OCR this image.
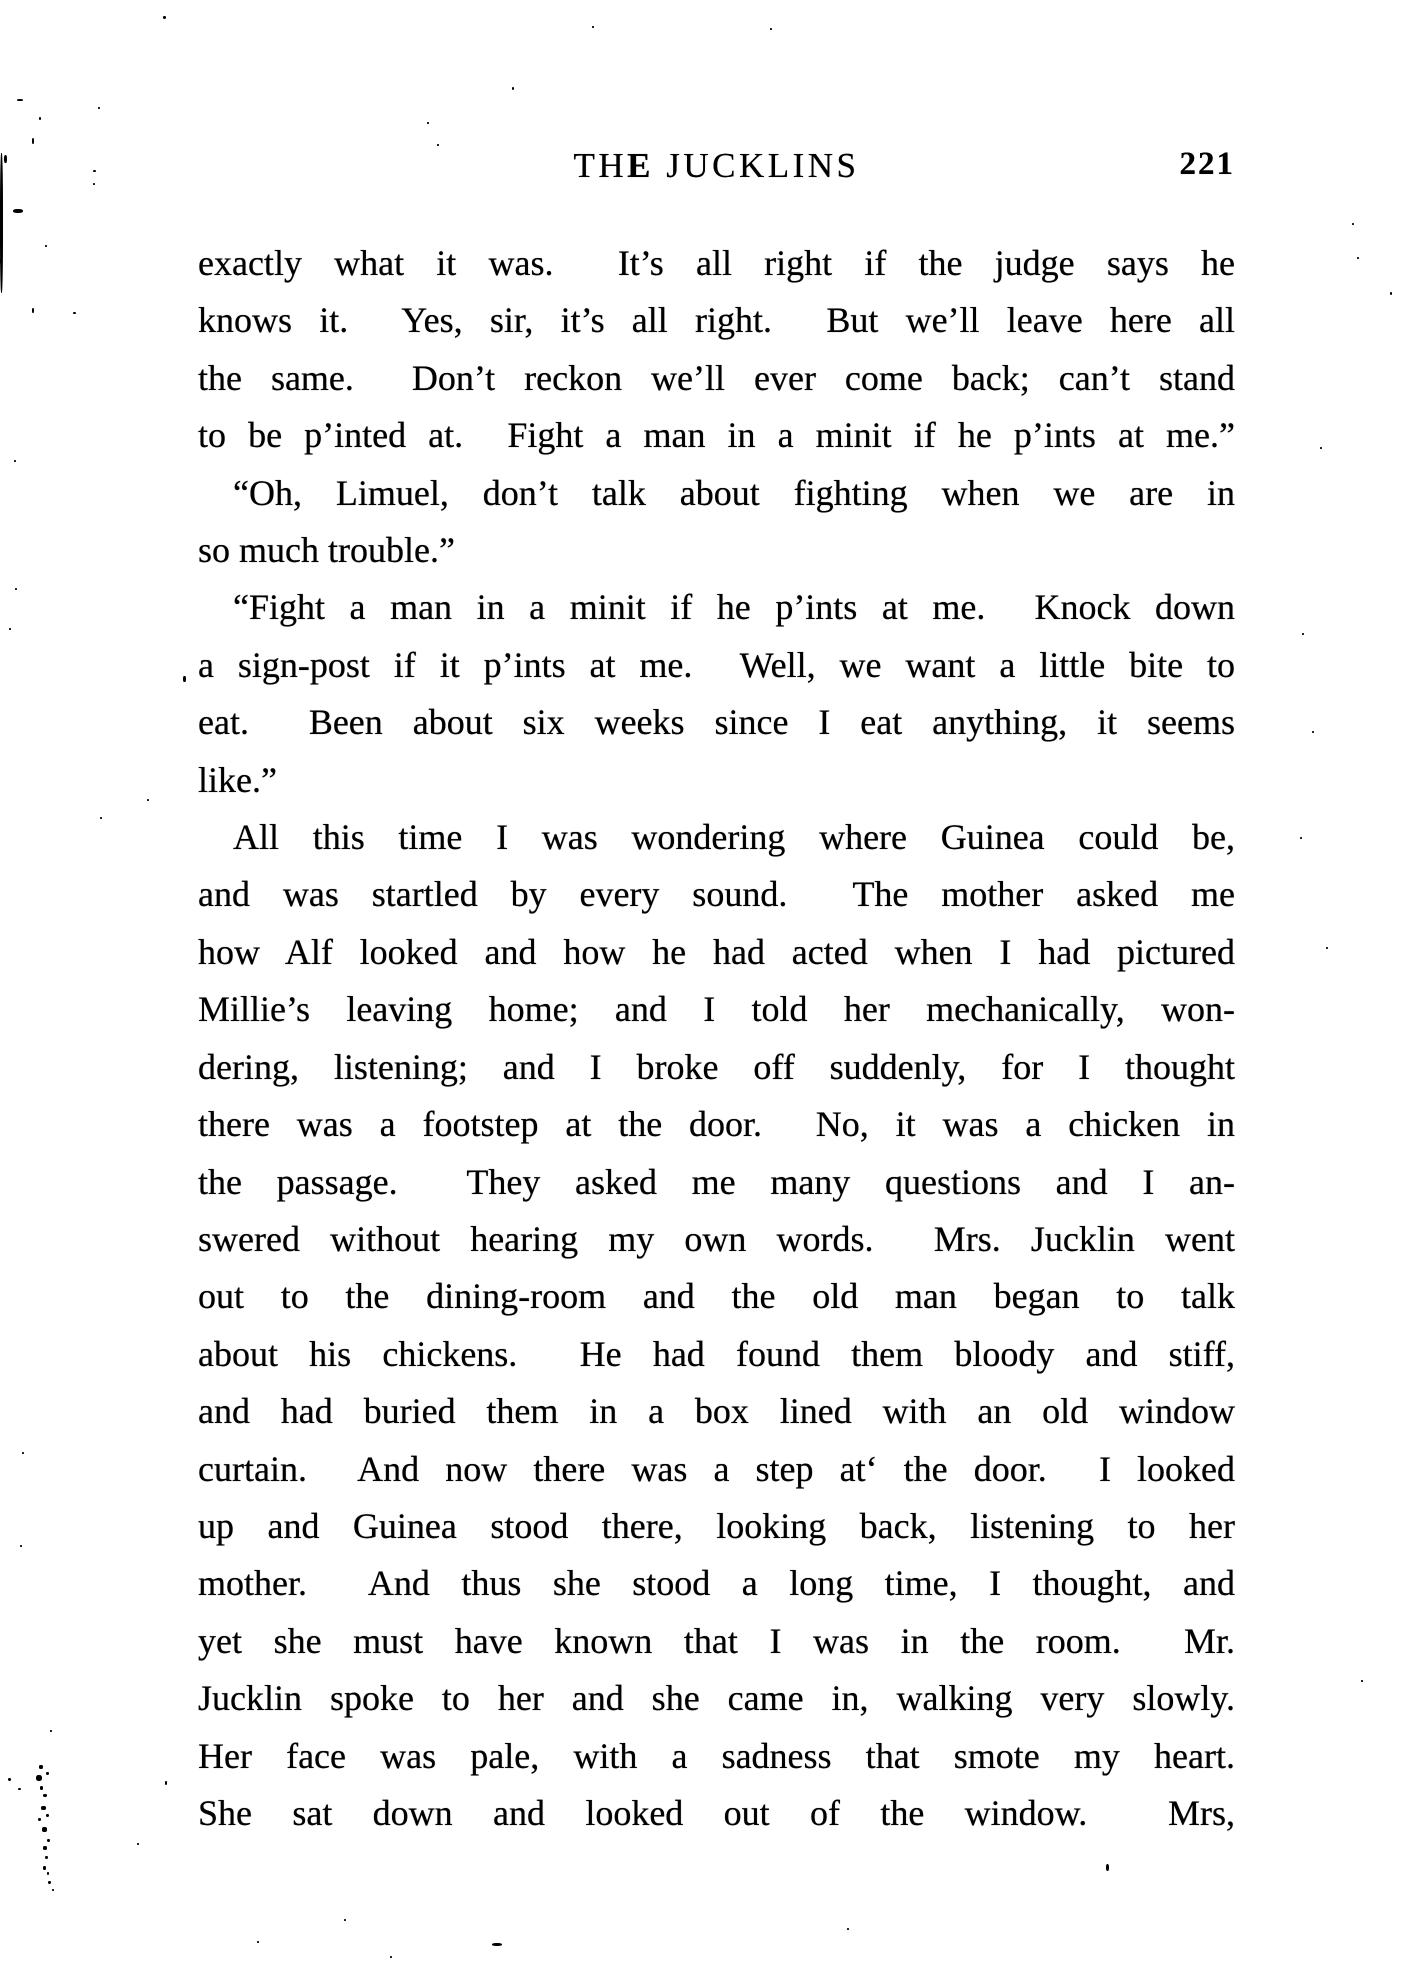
THE JUCKLINS	221
exactly what it was.  It’s all right if the judge says he
knows it.  Yes, sir, it’s all right.  But we’ll leave here all
the same.  Don’t reckon we’ll ever come back; can’t stand
to be p’inted at.  Fight a man in a minit if he p’ints at me.”
“Oh, Limuel, don’t talk about fighting when we are in
so much trouble.”
“Fight a man in a minit if he p’ints at me.  Knock down
a sign-post if it p’ints at me.  Well, we want a little bite to
eat.  Been about six weeks since I eat anything, it seems
like.”
All this time I was wondering where Guinea could be,
and was startled by every sound.  The mother asked me
how Alf looked and how he had acted when I had pictured
Millie’s leaving home; and I told her mechanically, won-
dering, listening; and I broke off suddenly, for I thought
there was a footstep at the door.  No, it was a chicken in
the passage.  They asked me many questions and I an-
swered without hearing my own words.  Mrs. Jucklin went
out to the dining-room and the old man began to talk
about his chickens.  He had found them bloody and stiff,
and had buried them in a box lined with an old window
curtain.  And now there was a step at‘ the door.  I looked
up and Guinea stood there, looking back, listening to her
mother.  And thus she stood a long time, I thought, and
yet she must have known that I was in the room.  Mr.
Jucklin spoke to her and she came in, walking very slowly.
Her face was pale, with a sadness that smote my heart.
She sat down and looked out of the window.  Mrs,
